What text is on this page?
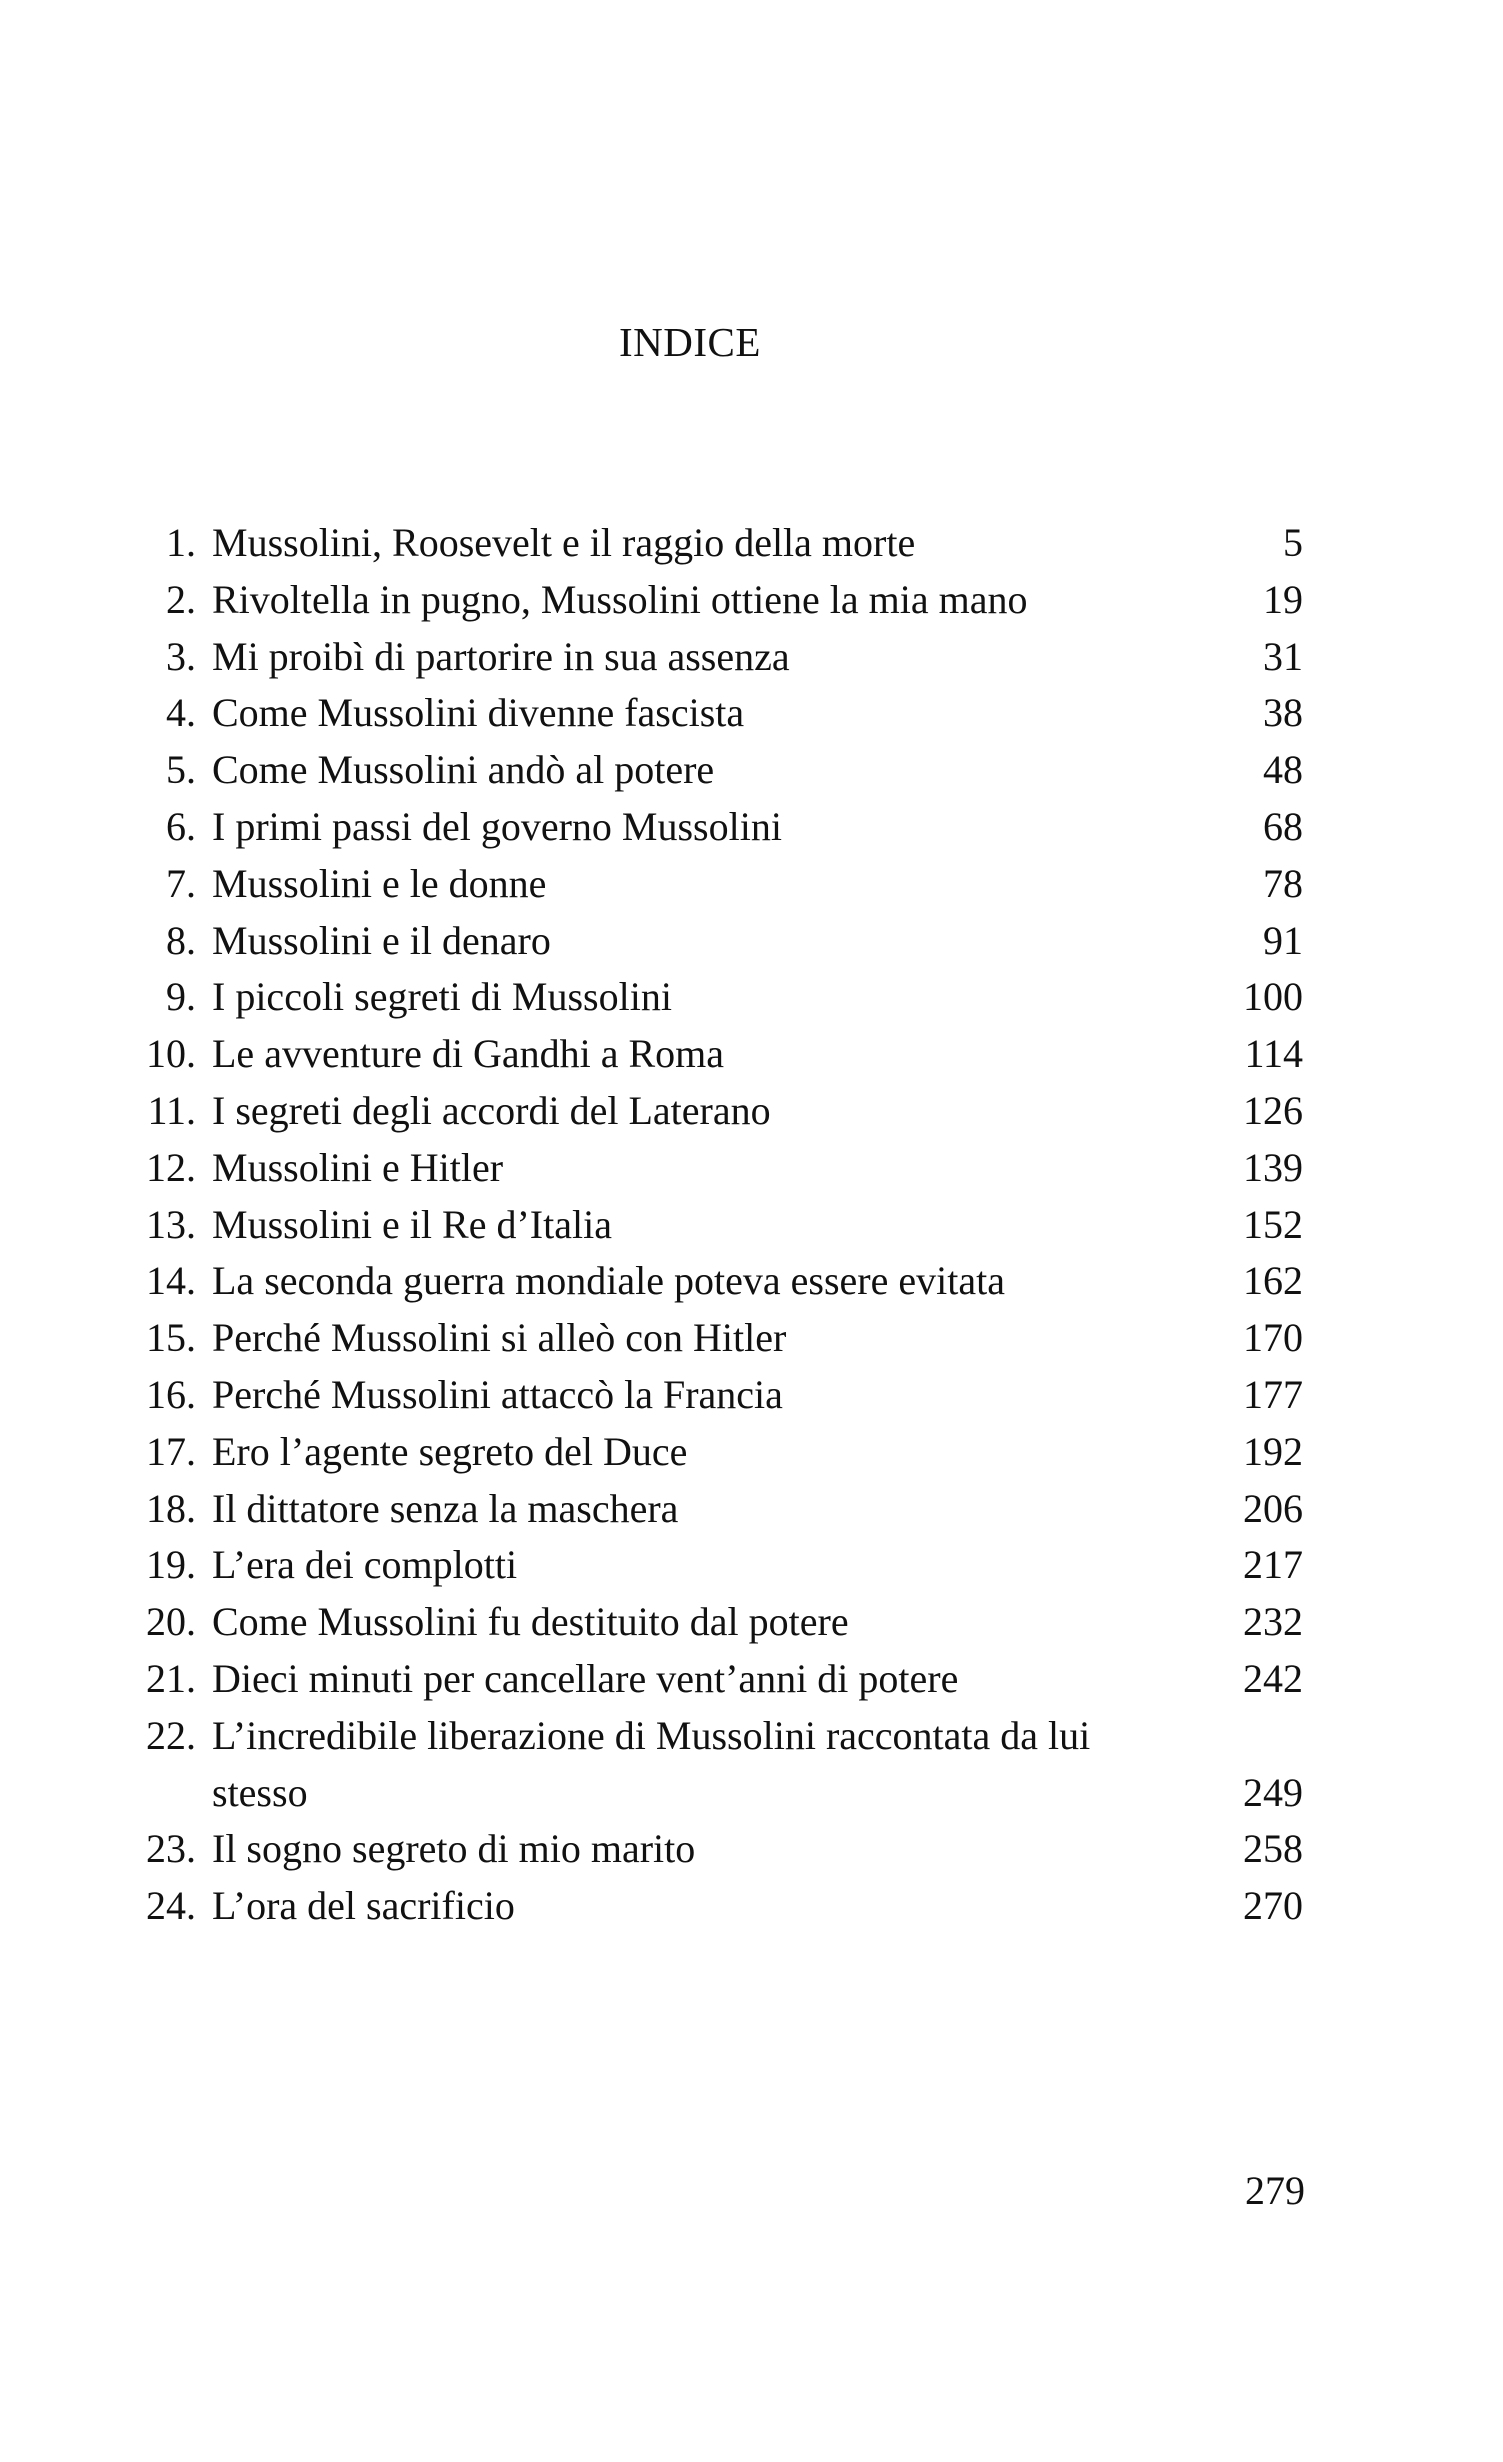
INDICE
1. Mussolini, Roosevelt e il raggio della morte	5
2. Rivoltella in pugno, Mussolini ottiene la mia mano	19
3. Mi proibì di partorire in sua assenza	31
4. Come Mussolini divenne fascista	38
5. Come Mussolini andò al potere	48
6. I primi passi del governo Mussolini	68
7. Mussolini e le donne	78
8. Mussolini e il denaro	91
9. I piccoli segreti di Mussolini	100
10. Le avventure di Gandhi a Roma	114
11. I segreti degli accordi del Laterano	126
12. Mussolini e Hitler	139
13. Mussolini e il Re d’Italia	152
14. La seconda guerra mondiale poteva essere evitata	162
15. Perché Mussolini si alleò con Hitler	170
16. Perché Mussolini attaccò la Francia	177
17. Ero l’agente segreto del Duce	192
18. Il dittatore senza la maschera	206
19. L’era dei complotti	217
20. Come Mussolini fu destituito dal potere	232
21. Dieci minuti per cancellare vent’anni di potere	242
22. L’incredibile liberazione di Mussolini raccontata da lui stesso	249
23. Il sogno segreto di mio marito	258
24. L’ora del sacrificio	270
279
